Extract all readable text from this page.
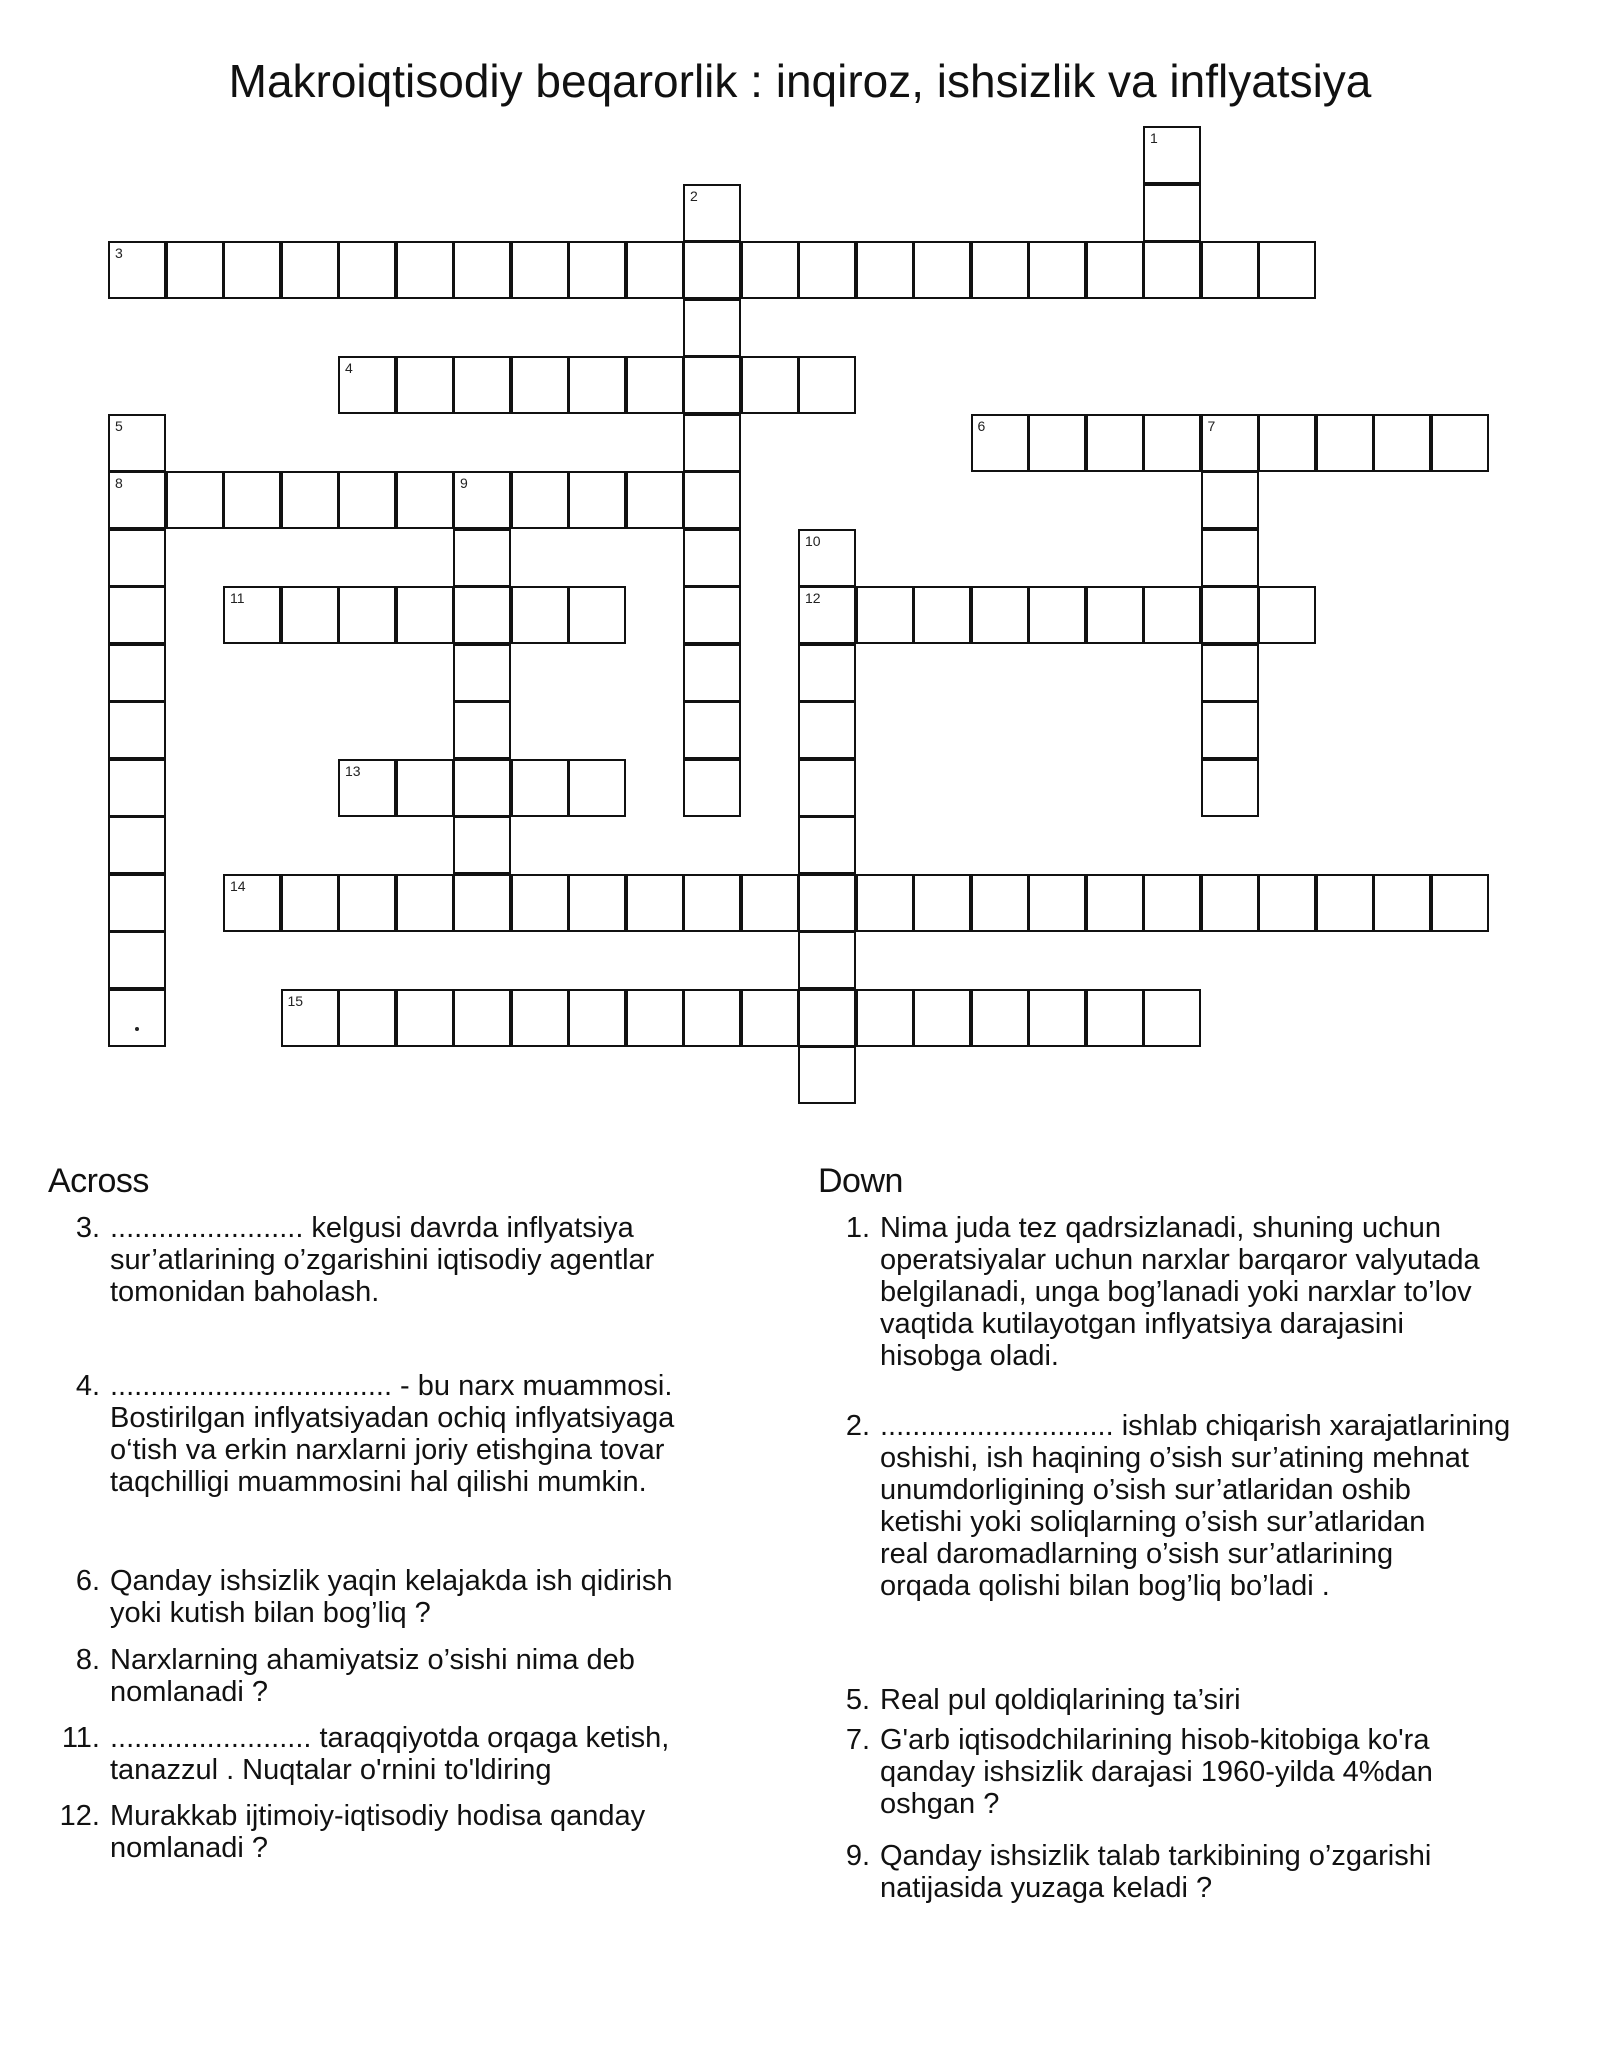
Makroiqtisodiy beqarorlik : inqiroz, ishsizlik va inflyatsiya
1
2
3
4
5
8
6	7
9
10
12
11
13
14
15
Across	Down
3. ........................ kelgusi davrda inflyatsiya
sur’atlarining o’zgarishini iqtisodiy agentlar
tomonidan baholash.
4. ................................... - bu narx muammosi.
Bostirilgan inflyatsiyadan ochiq inflyatsiyaga
o‘tish va erkin narxlarni joriy etishgina tovar
taqchilligi muammosini hal qilishi mumkin.
6. Qanday ishsizlik yaqin kelajakda ish qidirish
yoki kutish bilan bog’liq ?
8. Narxlarning ahamiyatsiz o’sishi nima deb
nomlanadi ?
11. ......................... taraqqiyotda orqaga ketish,
tanazzul . Nuqtalar o'rnini to'ldiring
12. Murakkab ijtimoiy-iqtisodiy hodisa qanday
nomlanadi ?
1. Nima juda tez qadrsizlanadi, shuning uchun
operatsiyalar uchun narxlar barqaror valyutada
belgilanadi, unga bog’lanadi yoki narxlar to’lov
vaqtida kutilayotgan inflyatsiya darajasini
hisobga oladi.
2. ............................. ishlab chiqarish xarajatlarining
oshishi, ish haqining o’sish sur’atining mehnat
unumdorligining o’sish sur’atlaridan oshib
ketishi yoki soliqlarning o’sish sur’atlaridan
real daromadlarning o’sish sur’atlarining
orqada qolishi bilan bog’liq bo’ladi .
5. Real pul qoldiqlarining ta’siri
7. G'arb iqtisodchilarining hisob-kitobiga ko'ra
qanday ishsizlik darajasi 1960-yilda 4%dan
oshgan ?
9. Qanday ishsizlik talab tarkibining o’zgarishi
natijasida yuzaga keladi ?
